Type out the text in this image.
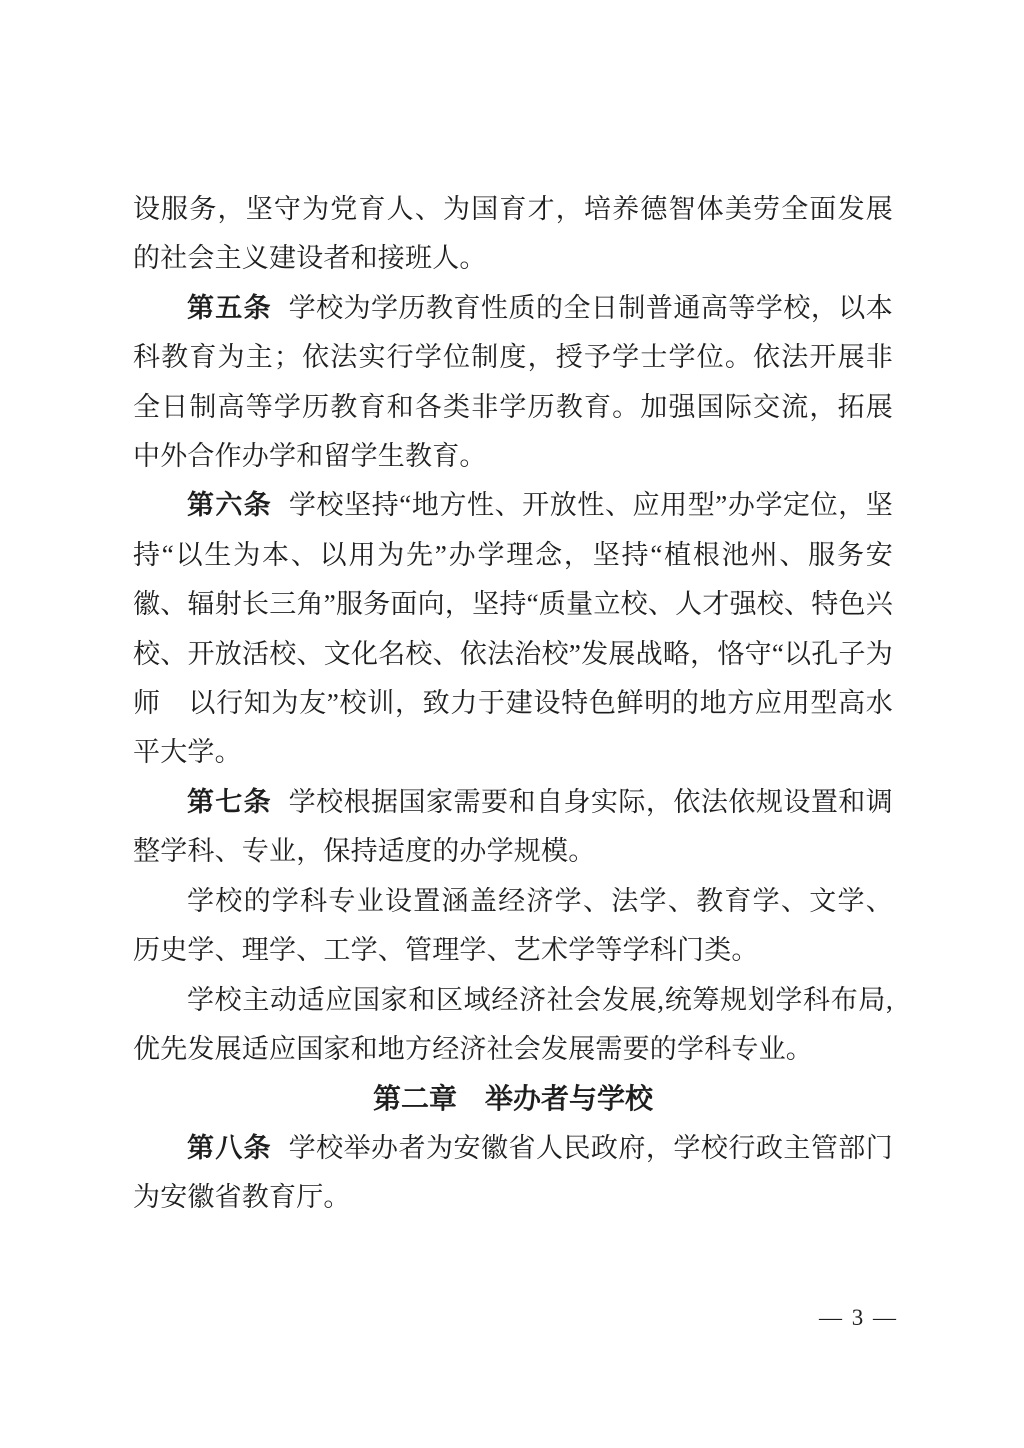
设服务，坚守为党育人、为国育才，培养德智体美劳全面发展的社会主义建设者和接班人。

第五条 学校为学历教育性质的全日制普通高等学校，以本科教育为主；依法实行学位制度，授予学士学位。依法开展非全日制高等学历教育和各类非学历教育。加强国际交流，拓展中外合作办学和留学生教育。

第六条 学校坚持“地方性、开放性、应用型”办学定位，坚持“以生为本、以用为先”办学理念，坚持“植根池州、服务安徽、辐射长三角”服务面向，坚持“质量立校、人才强校、特色兴校、开放活校、文化名校、依法治校”发展战略，恪守“以孔子为师　以行知为友”校训，致力于建设特色鲜明的地方应用型高水平大学。

第七条 学校根据国家需要和自身实际，依法依规设置和调整学科、专业，保持适度的办学规模。

学校的学科专业设置涵盖经济学、法学、教育学、文学、历史学、理学、工学、管理学、艺术学等学科门类。

学校主动适应国家和区域经济社会发展,统筹规划学科布局,优先发展适应国家和地方经济社会发展需要的学科专业。

第二章　举办者与学校

第八条 学校举办者为安徽省人民政府，学校行政主管部门为安徽省教育厅。

— 3 —
